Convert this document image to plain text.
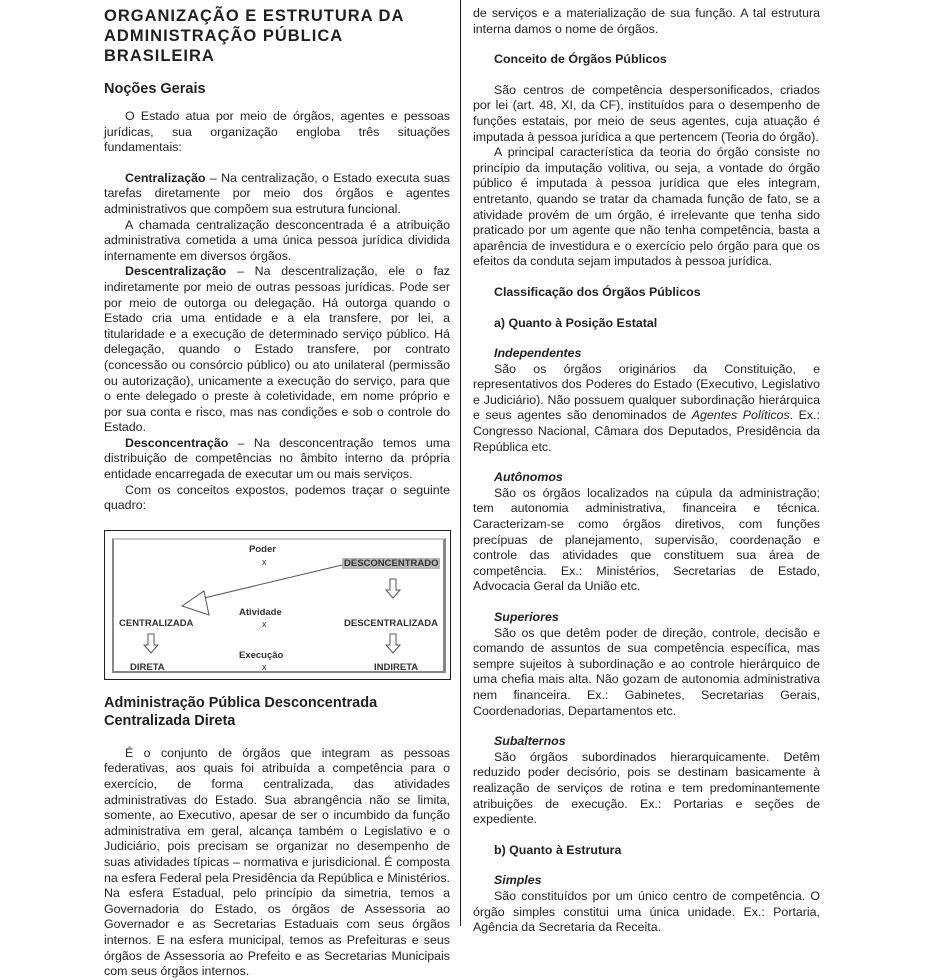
ORGANIZAÇÃO E ESTRUTURA DA
ADMINISTRAÇÃO PÚBLICA BRASILEIRA
Noções Gerais

O Estado atua por meio de órgãos, agentes e pessoas jurídicas, sua organização engloba três situações fundamentais:

Centralização – Na centralização, o Estado executa suas tarefas diretamente por meio dos órgãos e agentes administrativos que compõem sua estrutura funcional.

A chamada centralização desconcentrada é a atribuição administrativa cometida a uma única pessoa jurídica dividida internamente em diversos órgãos.

Descentralização – Na descentralização, ele o faz indiretamente por meio de outras pessoas jurídicas. Pode ser por meio de outorga ou delegação. Há outorga quando o Estado cria uma entidade e a ela transfere, por lei, a titularidade e a execução de determinado serviço público. Há delegação, quando o Estado transfere, por contrato (concessão ou consórcio público) ou ato unilateral (permissão ou autorização), unicamente a execução do serviço, para que o ente delegado o preste à coletividade, em nome próprio e por sua conta e risco, mas nas condições e sob o controle do Estado.

Desconcentração – Na desconcentração temos uma distribuição de competências no âmbito interno da própria entidade encarregada de executar um ou mais serviços.

Com os conceitos expostos, podemos traçar o seguinte quadro:

Poder
x	DESCONCENTRADO
Atividade
x
CENTRALIZADA	DESCENTRALIZADA
Execução
x
DIRETA	INDIRETA
Administração Pública Desconcentrada Centralizada Direta

É o conjunto de órgãos que integram as pessoas federativas, aos quais foi atribuída a competência para o exercício, de forma centralizada, das atividades administrativas do Estado. Sua abrangência não se limita, somente, ao Executivo, apesar de ser o incumbido da função administrativa em geral, alcança também o Legislativo e o Judiciário, pois precisam se organizar no desempenho de suas atividades típicas – normativa e jurisdicional. É composta na esfera Federal pela Presidência da República e Ministérios. Na esfera Estadual, pelo princípio da simetria, temos a Governadoria do Estado, os órgãos de Assessoria ao Governador e as Secretarias Estaduais com seus órgãos internos. E na esfera municipal, temos as Prefeituras e seus órgãos de Assessoria ao Prefeito e as Secretarias Municipais com seus órgãos internos.

de serviços e a materialização de sua função. A tal estrutura interna damos o nome de órgãos.

Conceito de Órgãos Públicos

São centros de competência despersonificados, criados por lei (art. 48, XI, da CF), instituídos para o desempenho de funções estatais, por meio de seus agentes, cuja atuação é imputada à pessoa jurídica a que pertencem (Teoria do órgão).

A principal característica da teoria do órgão consiste no princípio da imputação volitiva, ou seja, a vontade do órgão público é imputada à pessoa jurídica que eles integram, entretanto, quando se tratar da chamada função de fato, se a atividade provém de um órgão, é irrelevante que tenha sido praticado por um agente que não tenha competência, basta a aparência de investidura e o exercício pelo órgão para que os efeitos da conduta sejam imputados à pessoa jurídica.

Classificação dos Órgãos Públicos

a) Quanto à Posição Estatal

Independentes

São os órgãos originários da Constituição, e representativos dos Poderes do Estado (Executivo, Legislativo e Judiciário). Não possuem qualquer subordinação hierárquica e seus agentes são denominados de Agentes Políticos. Ex.: Congresso Nacional, Câmara dos Deputados, Presidência da República etc.

Autônomos

São os órgãos localizados na cúpula da administração; tem autonomia administrativa, financeira e técnica. Caracterizam-se como órgãos diretivos, com funções precípuas de planejamento, supervisão, coordenação e controle das atividades que constituem sua área de competência. Ex.: Ministérios, Secretarias de Estado, Advocacia Geral da União etc.

Superiores

São os que detêm poder de direção, controle, decisão e comando de assuntos de sua competência específica, mas sempre sujeitos à subordinação e ao controle hierárquico de uma chefia mais alta. Não gozam de autonomia administrativa nem financeira. Ex.: Gabinetes, Secretarias Gerais, Coordenadorias, Departamentos etc.

Subalternos

São órgãos subordinados hierarquicamente. Detêm reduzido poder decisório, pois se destinam basicamente à realização de serviços de rotina e tem predominantemente atribuições de execução. Ex.: Portarias e seções de expediente.

b) Quanto à Estrutura

Simples

São constituídos por um único centro de competência. O órgão simples constitui uma única unidade. Ex.: Portaria, Agência da Secretaria da Receita.
